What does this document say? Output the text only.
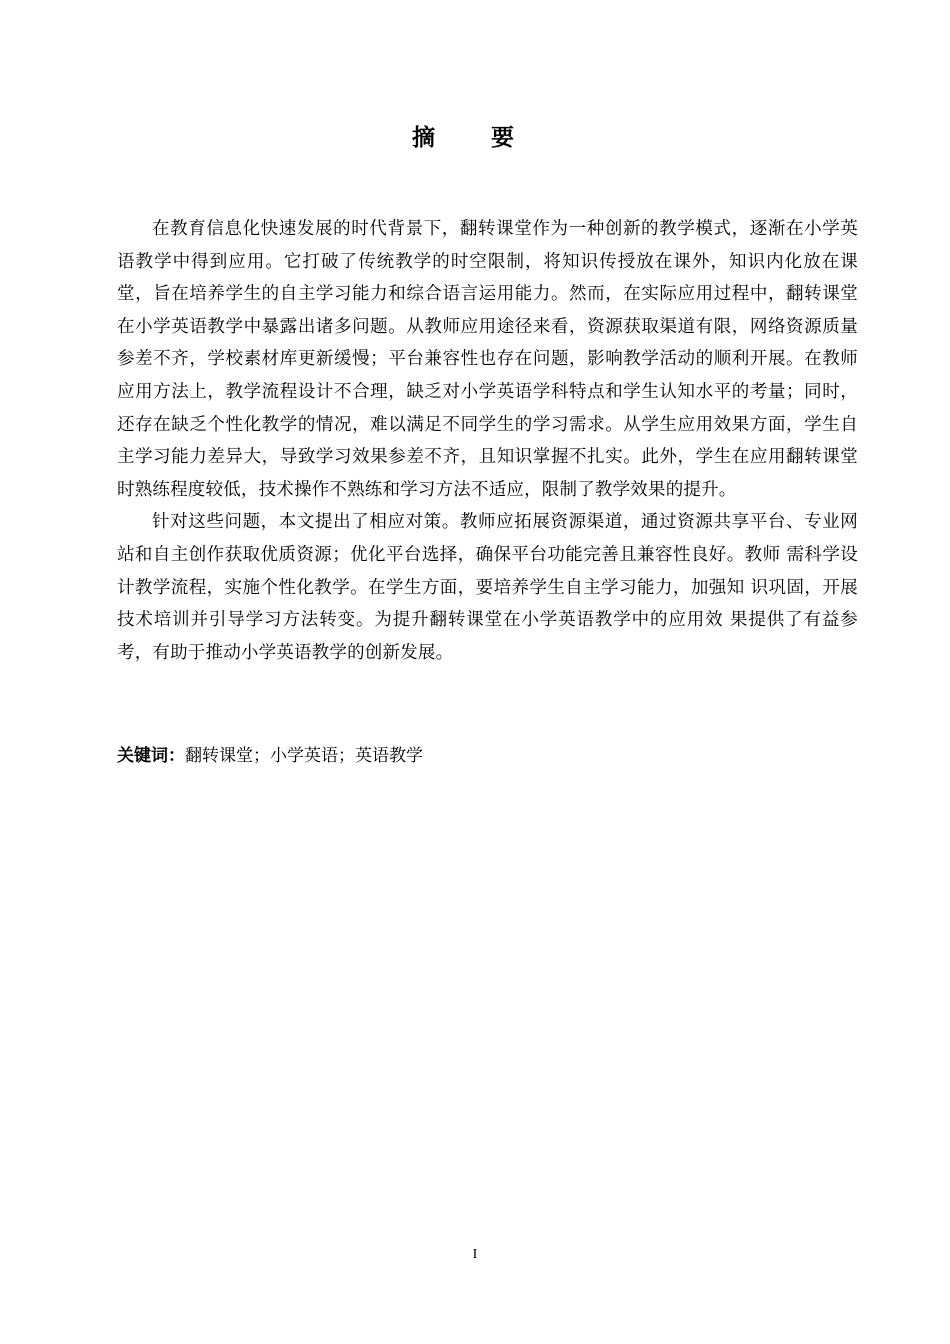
摘 要

在教育信息化快速发展的时代背景下，翻转课堂作为一种创新的教学模式，逐渐在小学英语教学中得到应用。它打破了传统教学的时空限制，将知识传授放在课外，知识内化放在课堂，旨在培养学生的自主学习能力和综合语言运用能力。然而，在实际应用过程中，翻转课堂在小学英语教学中暴露出诸多问题。从教师应用途径来看，资源获取渠道有限，网络资源质量参差不齐，学校素材库更新缓慢；平台兼容性也存在问题，影响教学活动的顺利开展。在教师应用方法上，教学流程设计不合理，缺乏对小学英语学科特点和学生认知水平的考量；同时，还存在缺乏个性化教学的情况，难以满足不同学生的学习需求。从学生应用效果方面，学生自主学习能力差异大，导致学习效果参差不齐，且知识掌握不扎实。此外，学生在应用翻转课堂时熟练程度较低，技术操作不熟练和学习方法不适应，限制了教学效果的提升。

针对这些问题，本文提出了相应对策。教师应拓展资源渠道，通过资源共享平台、专业网站和自主创作获取优质资源；优化平台选择，确保平台功能完善且兼容性良好。教师 需科学设计教学流程，实施个性化教学。在学生方面，要培养学生自主学习能力，加强知 识巩固，开展技术培训并引导学习方法转变。为提升翻转课堂在小学英语教学中的应用效 果提供了有益参考，有助于推动小学英语教学的创新发展。

关键词：翻转课堂；小学英语；英语教学
I
